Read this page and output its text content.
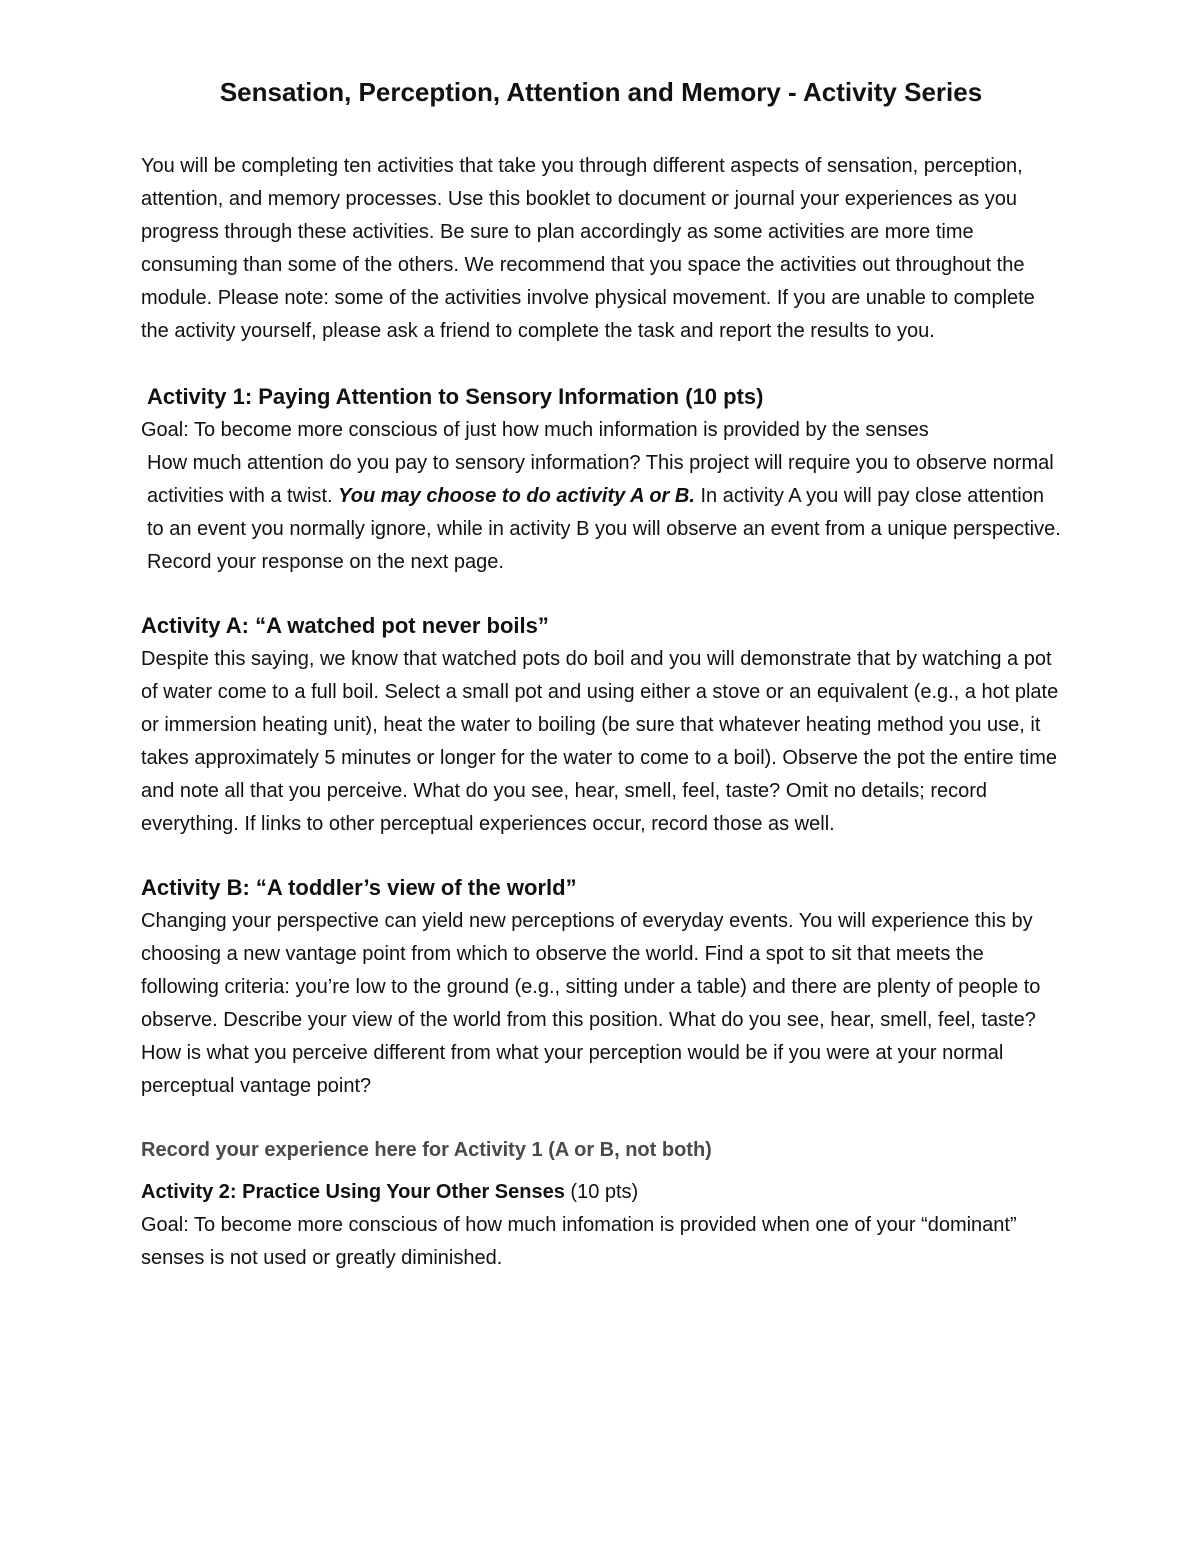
Sensation, Perception, Attention and Memory - Activity Series

You will be completing ten activities that take you through different aspects of sensation, perception, attention, and memory processes. Use this booklet to document or journal your experiences as you progress through these activities. Be sure to plan accordingly as some activities are more time consuming than some of the others. We recommend that you space the activities out throughout the module. Please note: some of the activities involve physical movement. If you are unable to complete the activity yourself, please ask a friend to complete the task and report the results to you.

Activity 1: Paying Attention to Sensory Information (10 pts)

Goal: To become more conscious of just how much information is provided by the senses

How much attention do you pay to sensory information? This project will require you to observe normal activities with a twist. You may choose to do activity A or B. In activity A you will pay close attention to an event you normally ignore, while in activity B you will observe an event from a unique perspective. Record your response on the next page.

Activity A: “A watched pot never boils”

Despite this saying, we know that watched pots do boil and you will demonstrate that by watching a pot of water come to a full boil. Select a small pot and using either a stove or an equivalent (e.g., a hot plate or immersion heating unit), heat the water to boiling (be sure that whatever heating method you use, it takes approximately 5 minutes or longer for the water to come to a boil). Observe the pot the entire time and note all that you perceive. What do you see, hear, smell, feel, taste? Omit no details; record everything. If links to other perceptual experiences occur, record those as well.

Activity B: “A toddler’s view of the world”

Changing your perspective can yield new perceptions of everyday events. You will experience this by choosing a new vantage point from which to observe the world. Find a spot to sit that meets the following criteria: you’re low to the ground (e.g., sitting under a table) and there are plenty of people to observe. Describe your view of the world from this position. What do you see, hear, smell, feel, taste? How is what you perceive different from what your perception would be if you were at your normal perceptual vantage point?

Record your experience here for Activity 1 (A or B, not both)
Activity 2: Practice Using Your Other Senses (10 pts)

Goal: To become more conscious of how much infomation is provided when one of your “dominant” senses is not used or greatly diminished.
